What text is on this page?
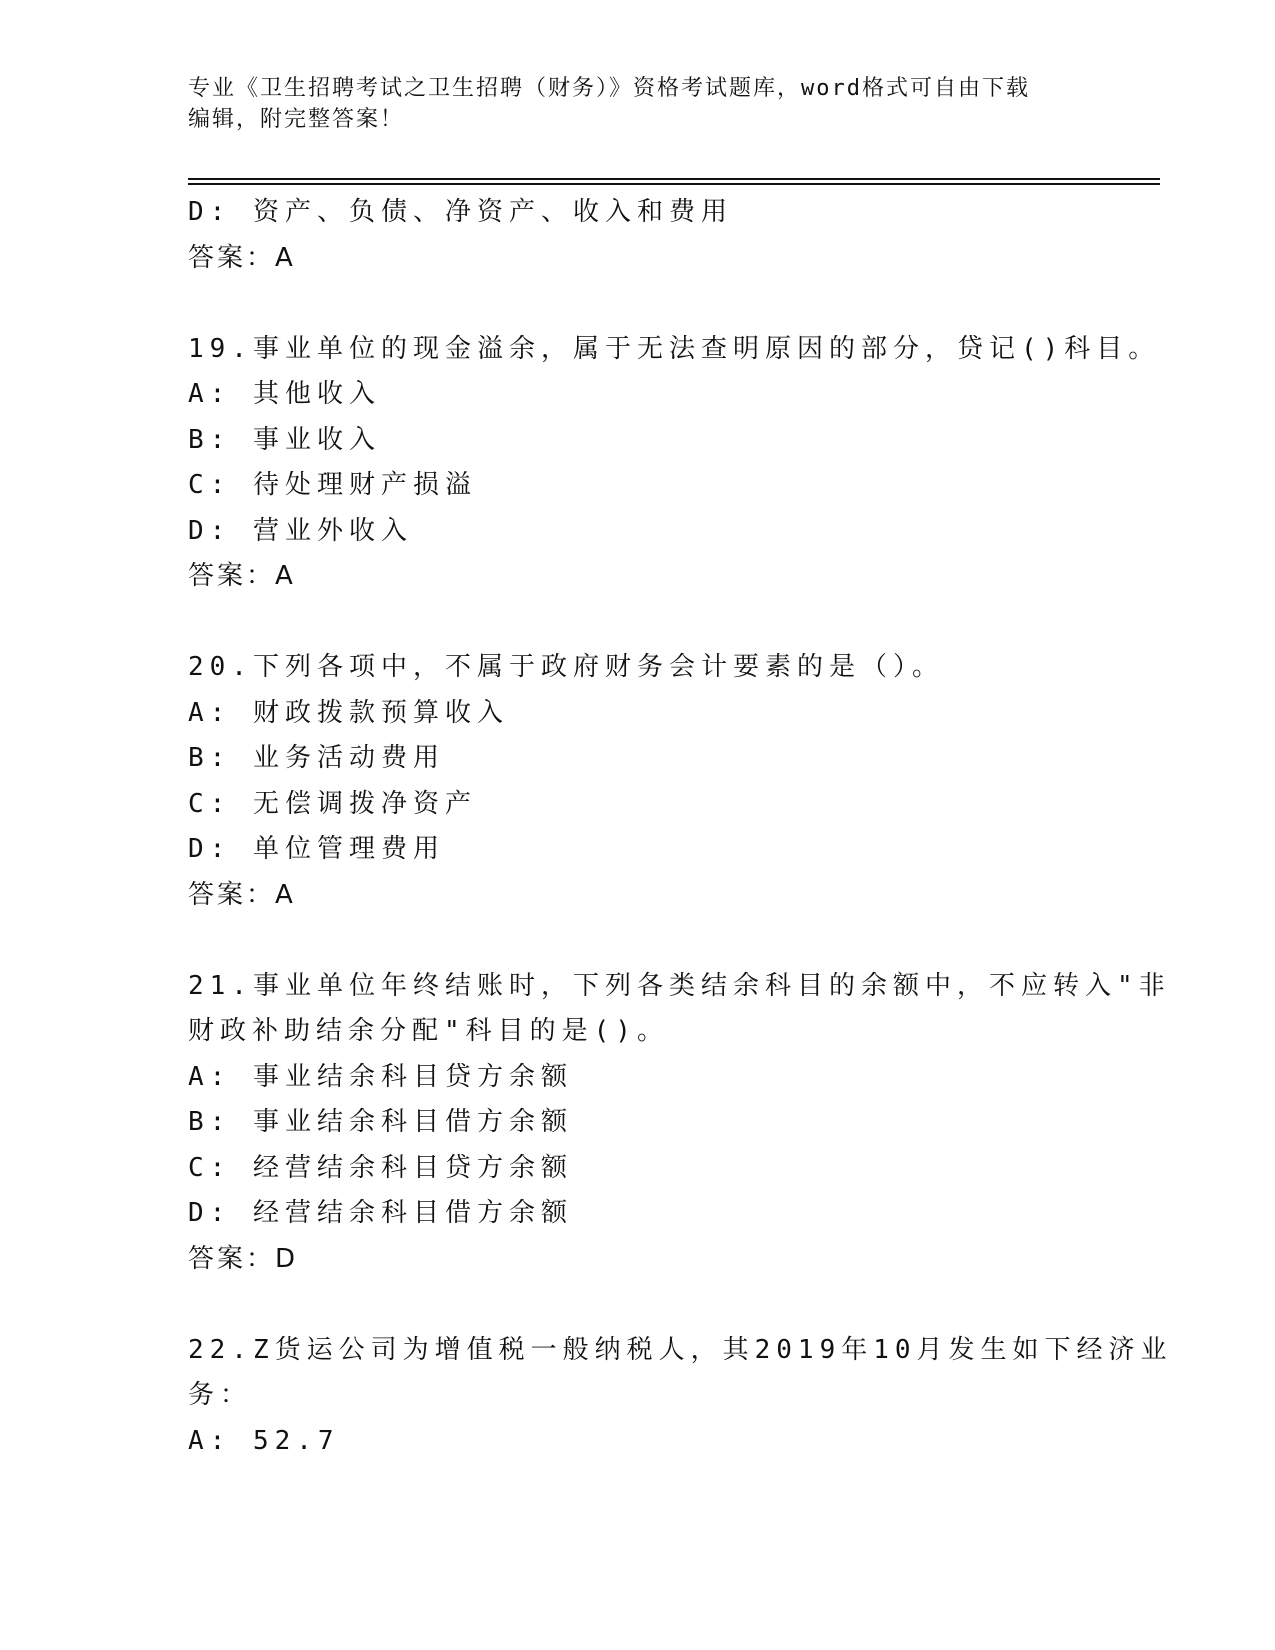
专业《卫生招聘考试之卫生招聘（财务）》资格考试题库，word格式可自由下载
编辑，附完整答案！
D: 资产、负债、净资产、收入和费用
答案：A
19.事业单位的现金溢余，属于无法查明原因的部分，贷记()科目。
A: 其他收入
B: 事业收入
C: 待处理财产损溢
D: 营业外收入
答案：A
20.下列各项中，不属于政府财务会计要素的是（）。
A: 财政拨款预算收入
B: 业务活动费用
C: 无偿调拨净资产
D: 单位管理费用
答案：A
21.事业单位年终结账时，下列各类结余科目的余额中，不应转入"非
财政补助结余分配"科目的是()。
A: 事业结余科目贷方余额
B: 事业结余科目借方余额
C: 经营结余科目贷方余额
D: 经营结余科目借方余额
答案：D
22.Z货运公司为增值税一般纳税人，其2019年10月发生如下经济业
务：
A: 52.7
